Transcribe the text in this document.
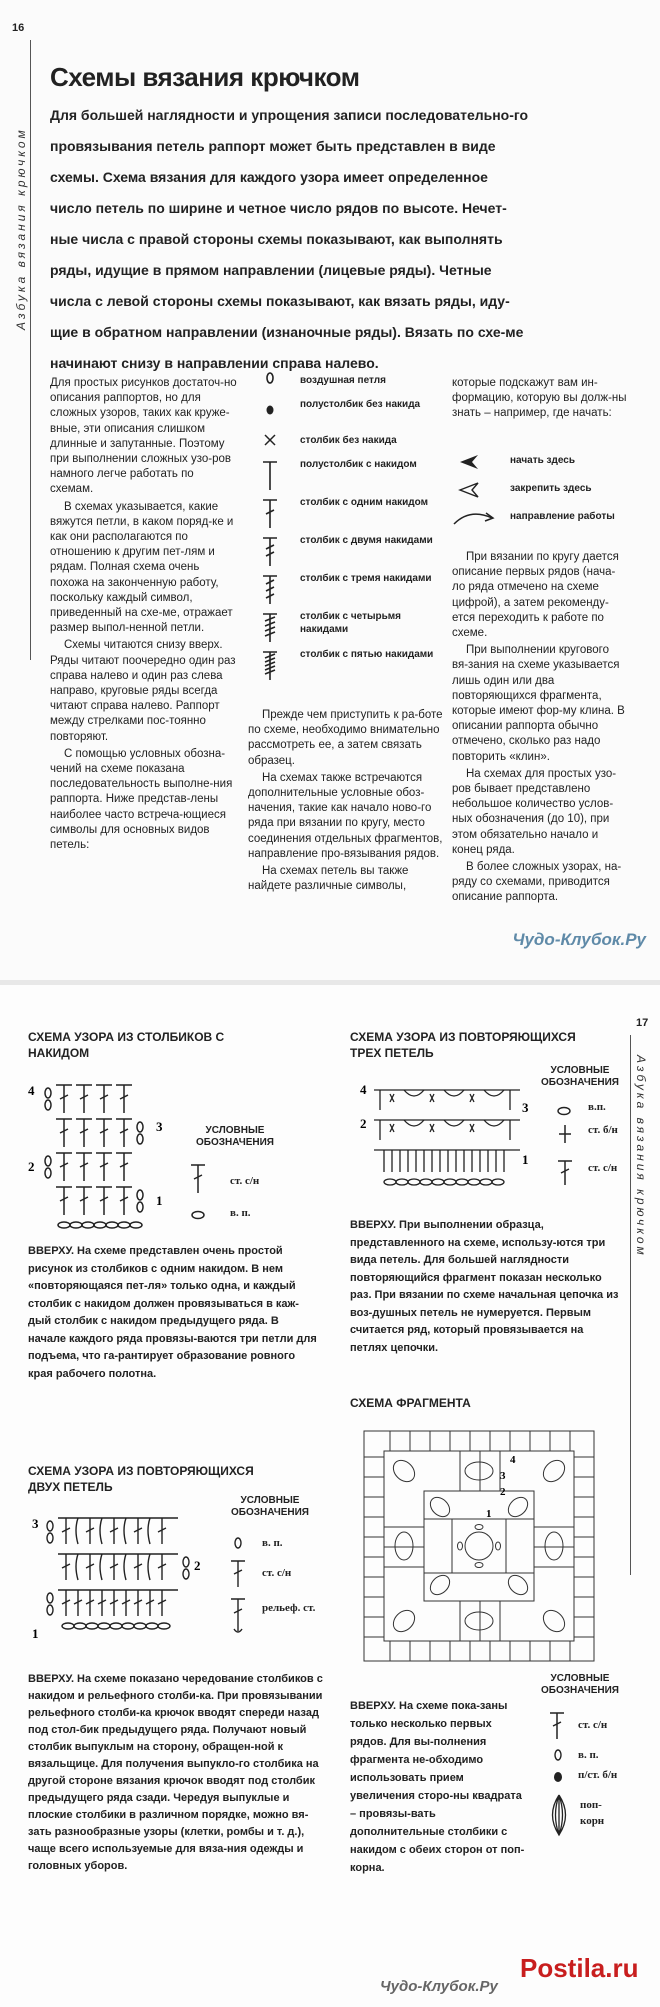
16
Азбука вязания крючком
Схемы вязания крючком
Для большей наглядности и упрощения записи последовательно-го провязывания петель раппорт может быть представлен в виде схемы. Схема вязания для каждого узора имеет определенное число петель по ширине и четное число рядов по высоте. Нечет-ные числа с правой стороны схемы показывают, как выполнять ряды, идущие в прямом направлении (лицевые ряды). Четные числа с левой стороны схемы показывают, как вязать ряды, иду-щие в обратном направлении (изнаночные ряды). Вязать по схе-ме начинают снизу в направлении справа налево.

Для простых рисунков достаточ-но описания раппортов, но для сложных узоров, таких как круже-вные, эти описания слишком длинные и запутанные. Поэтому при выполнении сложных узо-ров намного легче работать по схемам.

В схемах указывается, какие вяжутся петли, в каком поряд-ке и как они располагаются по отношению к другим пет-лям и рядам. Полная схема очень похожа на законченную работу, поскольку каждый символ, приведенный на схе-ме, отражает размер выпол-ненной петли.

Схемы читаются снизу вверх. Ряды читают поочередно один раз справа налево и один раз слева направо, круговые ряды всегда читают справа налево. Раппорт между стрелками пос-тоянно повторяют.

С помощью условных обозна-чений на схеме показана последовательность выполне-ния раппорта. Ниже представ-лены наиболее часто встреча-ющиеся символы для основных видов петель:

воздушная петля
полустолбик без накида
столбик без накида
полустолбик с накидом
столбик с одним накидом
столбик с двумя накидами
столбик с тремя накидами
столбик с четырьмя накидами
столбик с пятью накидами

Прежде чем приступить к ра-боте по схеме, необходимо внимательно рассмотреть ее, а затем связать образец.

На схемах также встречаются дополнительные условные обоз-начения, такие как начало ново-го ряда при вязании по кругу, место соединения отдельных фрагментов, направление про-вязывания рядов.

На схемах петель вы также найдете различные символы,

которые подскажут вам ин-формацию, которую вы долж-ны знать – например, где начать:

начать здесь
закрепить здесь
направление работы

При вязании по кругу дается описание первых рядов (нача-ло ряда отмечено на схеме цифрой), а затем рекоменду-ется переходить к работе по схеме.

При выполнении кругового вя-зания на схеме указывается лишь один или два повторяющихся фрагмента, которые имеют фор-му клина. В описании раппорта обычно отмечено, сколько раз надо повторить «клин».

На схемах для простых узо-ров бывает представлено небольшое количество услов-ных обозначения (до 10), при этом обязательно начало и конец ряда.

В более сложных узорах, на-ряду со схемами, приводится описание раппорта.

Чудо-Клубок.Ру
17
Азбука вязания крючком
СХЕМА УЗОРА ИЗ СТОЛБИКОВ С НАКИДОМ
4
3
2
1
УСЛОВНЫЕ ОБОЗНАЧЕНИЯ
ст. с/н
в. п.
ВВЕРХУ. На схеме представлен очень простой рисунок из столбиков с одним накидом. В нем «повторяющаяся пет-ля» только одна, и каждый столбик с накидом должен провязываться в каж-дый столбик с накидом предыдущего ряда. В начале каждого ряда провязы-ваются три петли для подъема, что га-рантирует образование ровного края рабочего полотна.
СХЕМА УЗОРА ИЗ ПОВТОРЯЮЩИХСЯ ДВУХ ПЕТЕЛЬ
3
2
1
УСЛОВНЫЕ ОБОЗНАЧЕНИЯ
в. п.
ст. с/н
рельеф. ст.
ВВЕРХУ. На схеме показано чередование столбиков с накидом и рельефного столби-ка. При провязывании рельефного столби-ка крючок вводят спереди назад под стол-бик предыдущего ряда. Получают новый столбик выпуклым на сторону, обращен-ной к вязальщице. Для получения выпукло-го столбика на другой стороне вязания крючок вводят под столбик предыдущего ряда сзади. Чередуя выпуклые и плоские столбики в различном порядке, можно вя-зать разнообразные узоры (клетки, ромбы и т. д.), чаще всего используемые для вяза-ния одежды и головных уборов.
СХЕМА УЗОРА ИЗ ПОВТОРЯЮЩИХСЯ ТРЕХ ПЕТЕЛЬ
4
3
2
1
УСЛОВНЫЕ ОБОЗНАЧЕНИЯ
в.п.
ст. б/н
ст. с/н
ВВЕРХУ. При выполнении образца, представленного на схеме, использу-ются три вида петель. Для большей наглядности повторяющийся фрагмент показан несколько раз. При вязании по схеме начальная цепочка из воз-душных петель не нумеруется. Первым считается ряд, который провязывается на петлях цепочки.
СХЕМА ФРАГМЕНТА
4
3
2
1
ВВЕРХУ. На схеме пока-заны только несколько первых рядов. Для вы-полнения фрагмента не-обходимо использовать прием увеличения сторо-ны квадрата – провязы-вать дополнительные столбики с накидом с обеих сторон от поп-корна.
УСЛОВНЫЕ ОБОЗНАЧЕНИЯ
ст. с/н
в. п.
п/ст. б/н
поп-корн
Чудо-Клубок.Ру
Postila.ru
